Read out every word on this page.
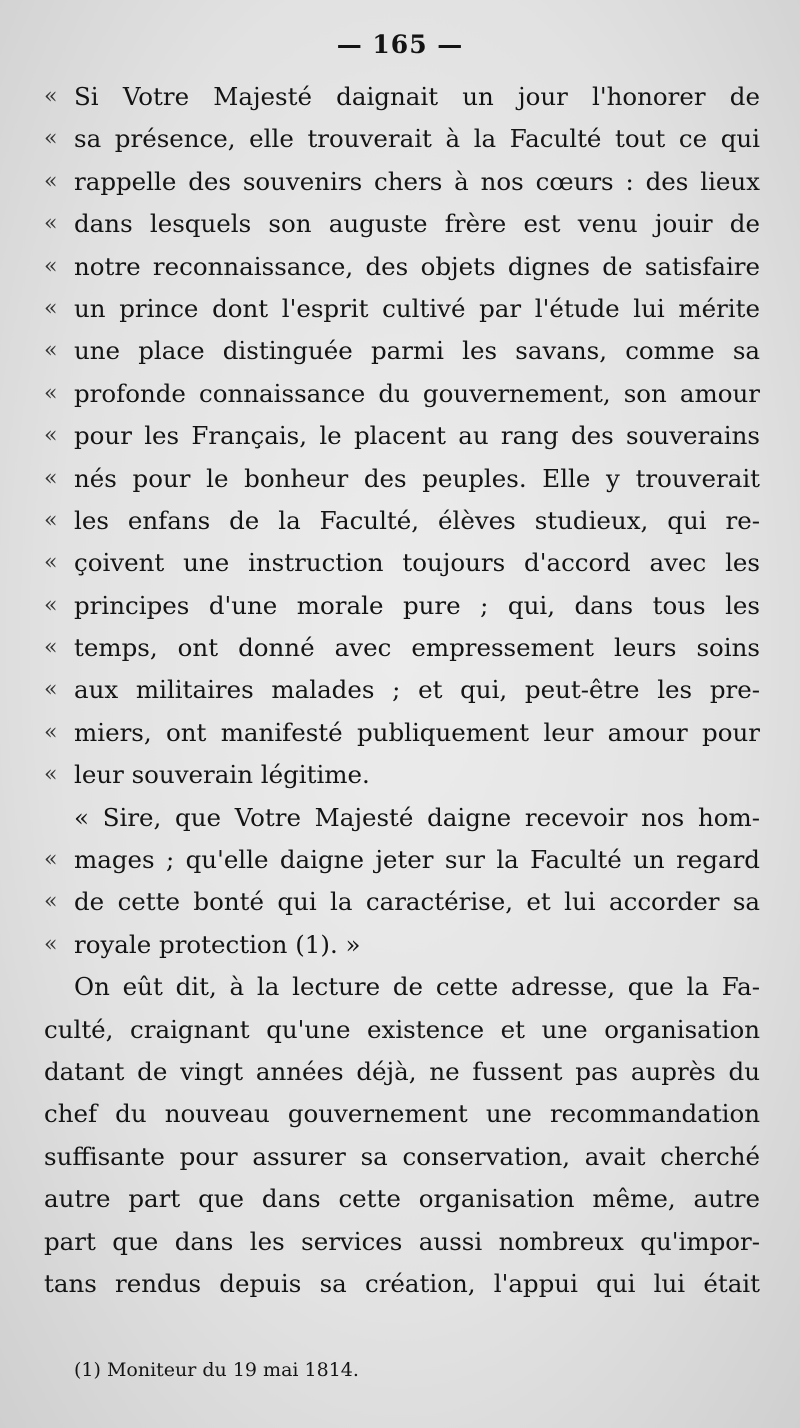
— 165 —
« Si Votre Majesté daignait un jour l'honorer de
« sa présence, elle trouverait à la Faculté tout ce qui
« rappelle des souvenirs chers à nos cœurs : des lieux
« dans lesquels son auguste frère est venu jouir de
« notre reconnaissance, des objets dignes de satisfaire
« un prince dont l'esprit cultivé par l'étude lui mérite
« une place distinguée parmi les savans, comme sa
« profonde connaissance du gouvernement, son amour
« pour les Français, le placent au rang des souverains
« nés pour le bonheur des peuples. Elle y trouverait
« les enfans de la Faculté, élèves studieux, qui re-
« çoivent une instruction toujours d'accord avec les
« principes d'une morale pure ; qui, dans tous les
« temps, ont donné avec empressement leurs soins
« aux militaires malades ; et qui, peut-être les pre-
« miers, ont manifesté publiquement leur amour pour
« leur souverain légitime.
« Sire, que Votre Majesté daigne recevoir nos hom-
« mages ; qu'elle daigne jeter sur la Faculté un regard
« de cette bonté qui la caractérise, et lui accorder sa
« royale protection (1). »
On eût dit, à la lecture de cette adresse, que la Fa-
culté, craignant qu'une existence et une organisation
datant de vingt années déjà, ne fussent pas auprès du
chef du nouveau gouvernement une recommandation
suffisante pour assurer sa conservation, avait cherché
autre part que dans cette organisation même, autre
part que dans les services aussi nombreux qu'impor-
tans rendus depuis sa création, l'appui qui lui était
(1) Moniteur du 19 mai 1814.
